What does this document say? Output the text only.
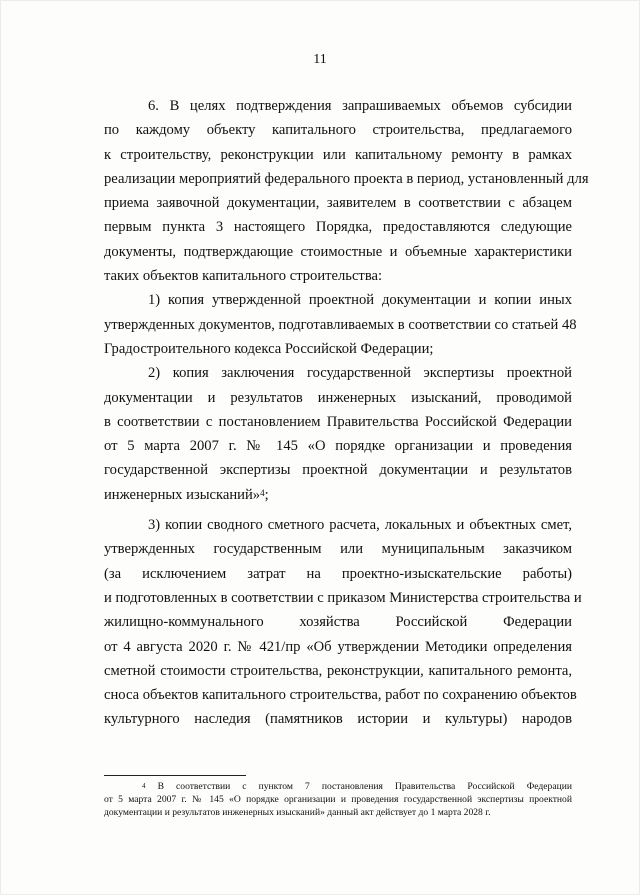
11

6. В целях подтверждения запрашиваемых объемов субсидии
по каждому объекту капитального строительства, предлагаемого
к строительству, реконструкции или капитальному ремонту в рамках
реализации мероприятий федерального проекта в период, установленный для
приема заявочной документации, заявителем в соответствии с абзацем
первым пункта 3 настоящего Порядка, предоставляются следующие
документы, подтверждающие стоимостные и объемные характеристики
таких объектов капитального строительства:

1) копия утвержденной проектной документации и копии иных
утвержденных документов, подготавливаемых в соответствии со статьей 48
Градостроительного кодекса Российской Федерации;

2) копия заключения государственной экспертизы проектной
документации и результатов инженерных изысканий, проводимой
в соответствии с постановлением Правительства Российской Федерации
от 5 марта 2007 г. № 145 «О порядке организации и проведения
государственной экспертизы проектной документации и результатов
инженерных изысканий»$^4$;

3) копии сводного сметного расчета, локальных и объектных смет,
утвержденных государственным или муниципальным заказчиком
(за исключением затрат на проектно-изыскательские работы)
и подготовленных в соответствии с приказом Министерства строительства и
жилищно-коммунального хозяйства Российской Федерации
от 4 августа 2020 г. № 421/пр «Об утверждении Методики определения
сметной стоимости строительства, реконструкции, капитального ремонта,
сноса объектов капитального строительства, работ по сохранению объектов
культурного наследия (памятников истории и культуры) народов

$^4$ В соответствии с пунктом 7 постановления Правительства Российской Федерации
от 5 марта 2007 г. № 145 «О порядке организации и проведения государственной экспертизы проектной
документации и результатов инженерных изысканий» данный акт действует до 1 марта 2028 г.
